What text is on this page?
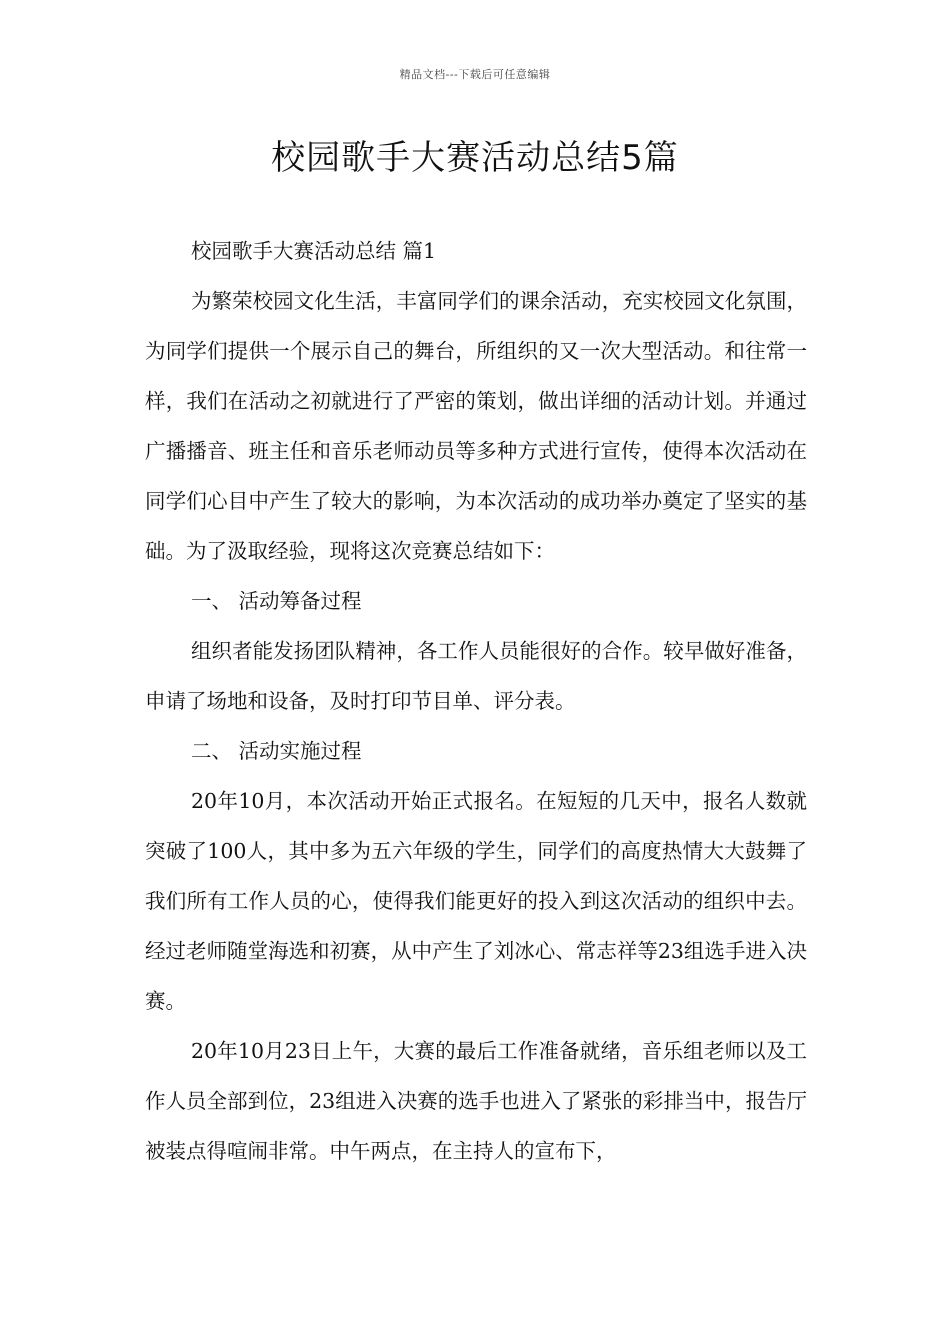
精品文档---下载后可任意编辑
校园歌手大赛活动总结5篇

校园歌手大赛活动总结 篇1

为繁荣校园文化生活，丰富同学们的课余活动，充实校园文化氛围，为同学们提供一个展示自己的舞台，所组织的又一次大型活动。和往常一样，我们在活动之初就进行了严密的策划，做出详细的活动计划。并通过广播播音、班主任和音乐老师动员等多种方式进行宣传，使得本次活动在同学们心目中产生了较大的影响，为本次活动的成功举办奠定了坚实的基础。为了汲取经验，现将这次竞赛总结如下：

一、 活动筹备过程

组织者能发扬团队精神，各工作人员能很好的合作。较早做好准备，申请了场地和设备，及时打印节目单、评分表。

二、 活动实施过程

20年10月，本次活动开始正式报名。在短短的几天中，报名人数就突破了100人，其中多为五六年级的学生，同学们的高度热情大大鼓舞了我们所有工作人员的心，使得我们能更好的投入到这次活动的组织中去。经过老师随堂海选和初赛，从中产生了刘冰心、常志祥等23组选手进入决赛。

20年10月23日上午，大赛的最后工作准备就绪，音乐组老师以及工作人员全部到位，23组进入决赛的选手也进入了紧张的彩排当中，报告厅被装点得喧闹非常。中午两点，在主持人的宣布下，
